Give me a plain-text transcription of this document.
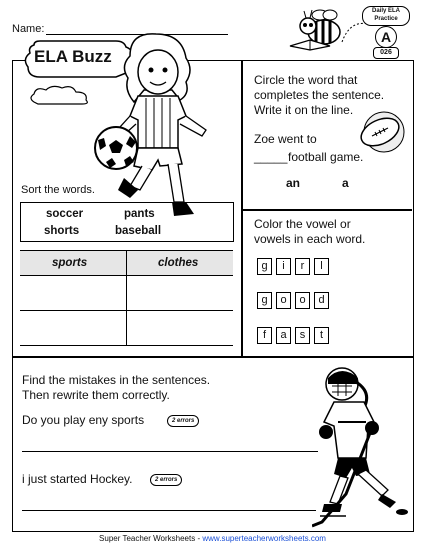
Name:
Daily ELA
Practice
A
026
ELA Buzz
Sort the words.
soccer	pants
shorts	baseball
sports	clothes
Circle the word that
completes the sentence.
Write it on the line.
Zoe went to
_____ football game.
an	a
Color the vowel or
vowels in each word.
g	i	r	l
g	o	o	d
f	a	s	t
Find the mistakes in the sentences.
Then rewrite them correctly.
Do you play eny sports	2 errors
i just started Hockey.	2 errors
Super Teacher Worksheets - www.superteacherworksheets.com
